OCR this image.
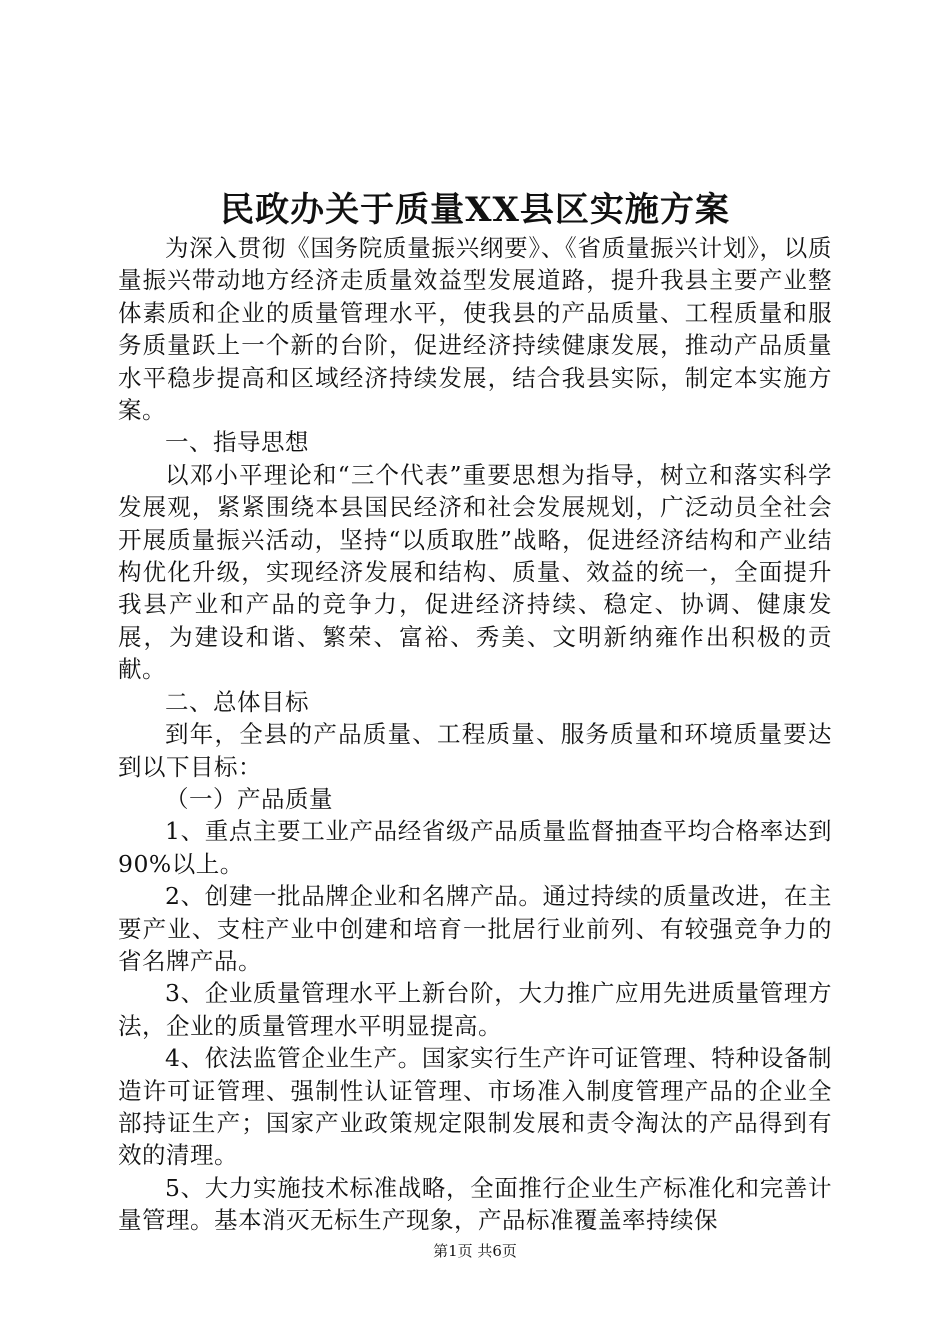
民政办关于质量XX县区实施方案

为深入贯彻《国务院质量振兴纲要》、《省质量振兴计划》，以质量振兴带动地方经济走质量效益型发展道路，提升我县主要产业整体素质和企业的质量管理水平，使我县的产品质量、工程质量和服务质量跃上一个新的台阶，促进经济持续健康发展，推动产品质量水平稳步提高和区域经济持续发展，结合我县实际，制定本实施方案。

一、指导思想

以邓小平理论和“三个代表”重要思想为指导，树立和落实科学发展观，紧紧围绕本县国民经济和社会发展规划，广泛动员全社会开展质量振兴活动，坚持“以质取胜”战略，促进经济结构和产业结构优化升级，实现经济发展和结构、质量、效益的统一，全面提升我县产业和产品的竞争力，促进经济持续、稳定、协调、健康发展，为建设和谐、繁荣、富裕、秀美、文明新纳雍作出积极的贡献。

二、总体目标

到年，全县的产品质量、工程质量、服务质量和环境质量要达到以下目标：

（一）产品质量

1、重点主要工业产品经省级产品质量监督抽查平均合格率达到90%以上。

2、创建一批品牌企业和名牌产品。通过持续的质量改进，在主要产业、支柱产业中创建和培育一批居行业前列、有较强竞争力的省名牌产品。

3、企业质量管理水平上新台阶，大力推广应用先进质量管理方法，企业的质量管理水平明显提高。

4、依法监管企业生产。国家实行生产许可证管理、特种设备制造许可证管理、强制性认证管理、市场准入制度管理产品的企业全部持证生产；国家产业政策规定限制发展和责令淘汰的产品得到有效的清理。

5、大力实施技术标准战略，全面推行企业生产标准化和完善计量管理。基本消灭无标生产现象，产品标准覆盖率持续保

第1页 共6页
